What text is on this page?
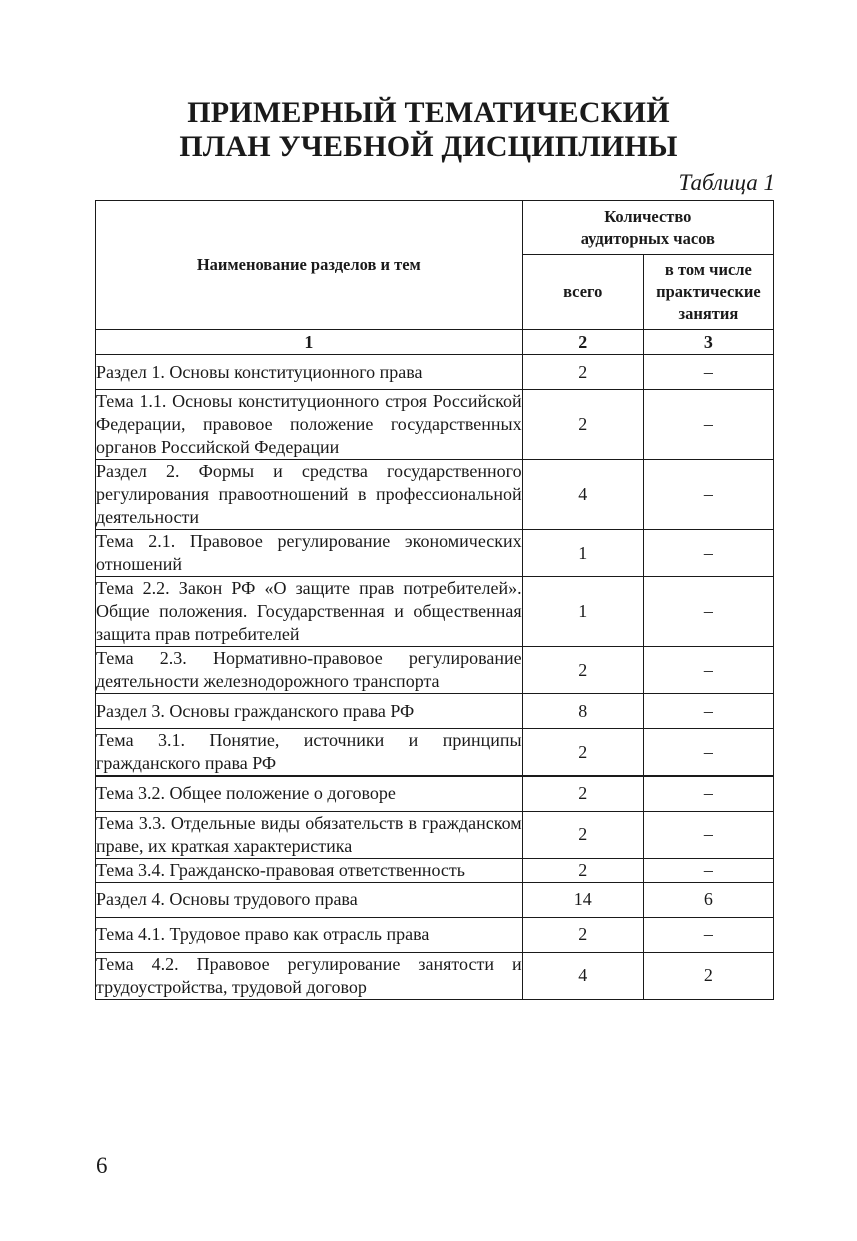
ПРИМЕРНЫЙ ТЕМАТИЧЕСКИЙ
ПЛАН УЧЕБНОЙ ДИСЦИПЛИНЫ
Таблица 1
Наименование разделов и тем	Количество
аудиторных часов	

	всего	в том числе
практические
занятия

1	2	3
Раздел 1. Основы конституционного права	2	–
Тема 1.1. Основы конституционного строя Российской Федерации, правовое положение государственных органов Российской Федерации	2	–
Раздел 2. Формы и средства государственного регулирования правоотношений в профессиональной деятельности	4	–
Тема 2.1. Правовое регулирование экономических отношений	1	–
Тема 2.2. Закон РФ «О защите прав потребителей». Общие положения. Государственная и общественная защита прав потребителей	1	–
Тема 2.3. Нормативно-правовое регулирование деятельности железнодорожного транспорта	2	–
Раздел 3. Основы гражданского права РФ	8	–
Тема 3.1. Понятие, источники и принципы гражданского права РФ	2	–
Тема 3.2. Общее положение о договоре	2	–
Тема 3.3. Отдельные виды обязательств в гражданском праве, их краткая характеристика	2	–
Тема 3.4. Гражданско-правовая ответственность	2	–
Раздел 4. Основы трудового права	14	6
Тема 4.1. Трудовое право как отрасль права	2	–
Тема 4.2. Правовое регулирование занятости и трудоустройства, трудовой договор	4	2
6
